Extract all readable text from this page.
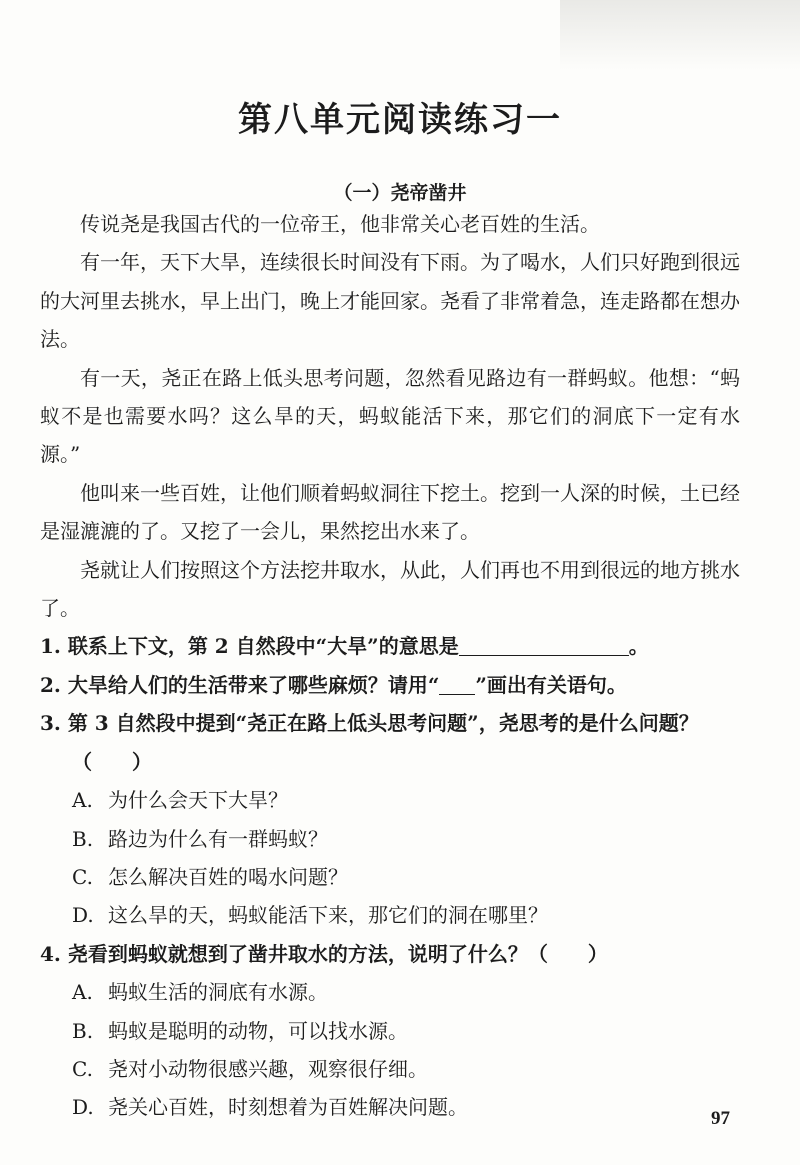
第八单元阅读练习一
（一）尧帝凿井

传说尧是我国古代的一位帝王，他非常关心老百姓的生活。

有一年，天下大旱，连续很长时间没有下雨。为了喝水，人们只好跑到很远的大河里去挑水，早上出门，晚上才能回家。尧看了非常着急，连走路都在想办法。

有一天，尧正在路上低头思考问题，忽然看见路边有一群蚂蚁。他想：“蚂蚁不是也需要水吗？这么旱的天，蚂蚁能活下来，那它们的洞底下一定有水源。”

他叫来一些百姓，让他们顺着蚂蚁洞往下挖土。挖到一人深的时候，土已经是湿漉漉的了。又挖了一会儿，果然挖出水来了。

尧就让人们按照这个方法挖井取水，从此，人们再也不用到很远的地方挑水了。

1. 联系上下文，第 2 自然段中“大旱”的意思是	。

2. 大旱给人们的生活带来了哪些麻烦？请用“ ”画出有关语句。

3. 第 3 自然段中提到“尧正在路上低头思考问题”，尧思考的是什么问题？（　　）

A. 为什么会天下大旱？

B. 路边为什么有一群蚂蚁？

C. 怎么解决百姓的喝水问题？

D. 这么旱的天，蚂蚁能活下来，那它们的洞在哪里？

4. 尧看到蚂蚁就想到了凿井取水的方法，说明了什么？（　　）

A. 蚂蚁生活的洞底有水源。

B. 蚂蚁是聪明的动物，可以找水源。

C. 尧对小动物很感兴趣，观察很仔细。

D. 尧关心百姓，时刻想着为百姓解决问题。	97
